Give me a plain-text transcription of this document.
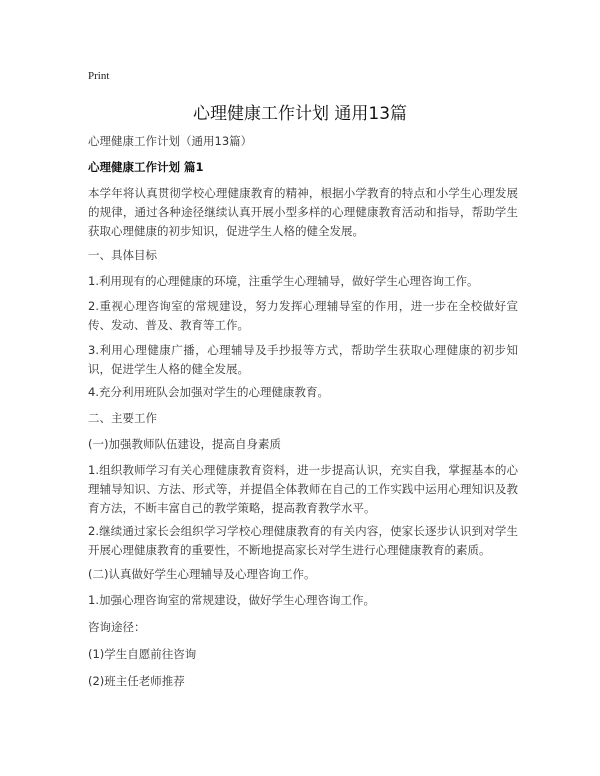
Print
心理健康工作计划 通用13篇
心理健康工作计划（通用13篇）
心理健康工作计划 篇1
本学年将认真贯彻学校心理健康教育的精神，根据小学教育的特点和小学生心理发展的规律，通过各种途径继续认真开展小型多样的心理健康教育活动和指导，帮助学生获取心理健康的初步知识，促进学生人格的健全发展。
一、具体目标
1.利用现有的心理健康的环境，注重学生心理辅导，做好学生心理咨询工作。
2.重视心理咨询室的常规建设，努力发挥心理辅导室的作用，进一步在全校做好宣传、发动、普及、教育等工作。
3.利用心理健康广播，心理辅导及手抄报等方式，帮助学生获取心理健康的初步知识，促进学生人格的健全发展。
4.充分利用班队会加强对学生的心理健康教育。
二、主要工作
(一)加强教师队伍建设，提高自身素质
1.组织教师学习有关心理健康教育资料，进一步提高认识，充实自我，掌握基本的心理辅导知识、方法、形式等，并提倡全体教师在自己的工作实践中运用心理知识及教育方法，不断丰富自己的教学策略，提高教育教学水平。
2.继续通过家长会组织学习学校心理健康教育的有关内容，使家长逐步认识到对学生开展心理健康教育的重要性，不断地提高家长对学生进行心理健康教育的素质。
(二)认真做好学生心理辅导及心理咨询工作。
1.加强心理咨询室的常规建设，做好学生心理咨询工作。
咨询途径：
(1)学生自愿前往咨询
(2)班主任老师推荐
